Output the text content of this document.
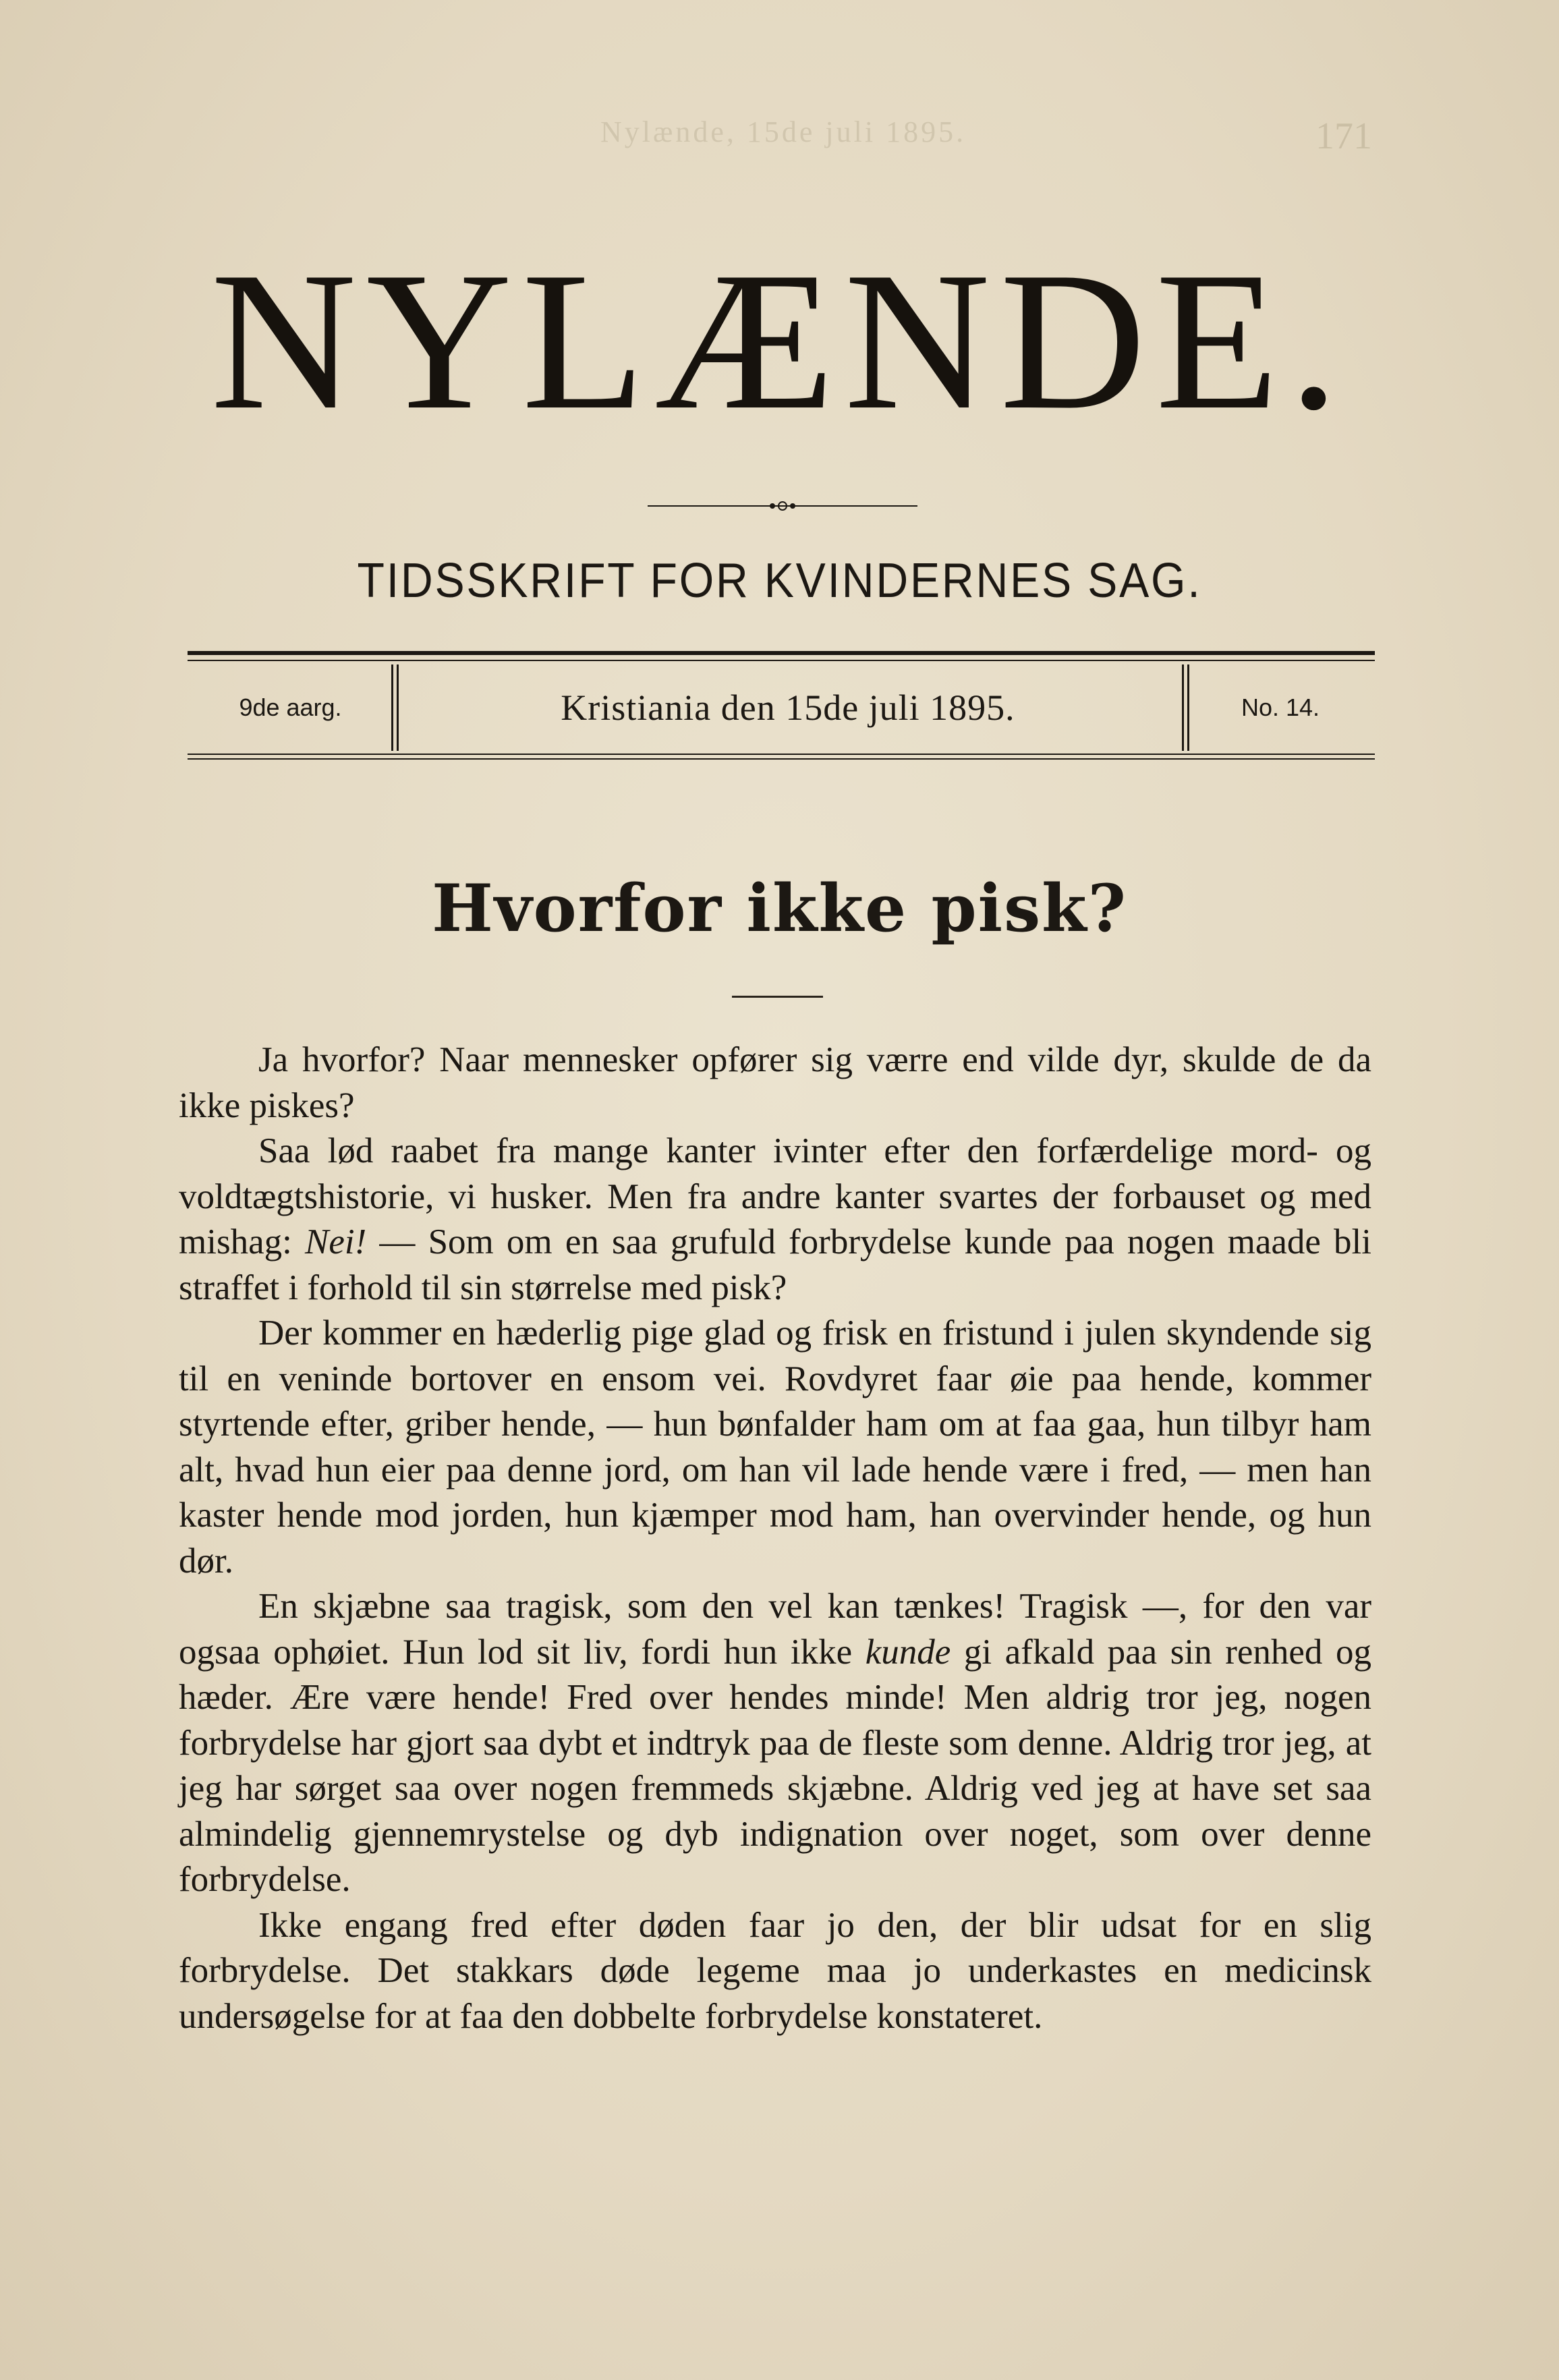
Nylænde, 15de juli 1895.	171
NYLÆNDE.
TIDSSKRIFT FOR KVINDERNES SAG.
9de aarg.	Kristiania den 15de juli 1895.	No. 14.
Hvorfor ikke pisk?

Ja hvorfor? Naar mennesker opfører sig værre end vilde dyr, skulde de da ikke piskes?

Saa lød raabet fra mange kanter ivinter efter den forfærdelige mord- og voldtægtshistorie, vi husker. Men fra andre kanter svartes der forbauset og med mishag: Nei! — Som om en saa grufuld forbrydelse kunde paa nogen maade bli straffet i forhold til sin størrelse med pisk?

Der kommer en hæderlig pige glad og frisk en fristund i julen skyndende sig til en veninde bortover en ensom vei. Rovdyret faar øie paa hende, kommer styrtende efter, griber hende, — hun bønfalder ham om at faa gaa, hun tilbyr ham alt, hvad hun eier paa denne jord, om han vil lade hende være i fred, — men han kaster hende mod jorden, hun kjæmper mod ham, han overvinder hende, og hun dør.

En skjæbne saa tragisk, som den vel kan tænkes! Tragisk —, for den var ogsaa ophøiet. Hun lod sit liv, fordi hun ikke kunde gi afkald paa sin renhed og hæder. Ære være hende! Fred over hendes minde! Men aldrig tror jeg, nogen forbrydelse har gjort saa dybt et indtryk paa de fleste som denne. Aldrig tror jeg, at jeg har sørget saa over nogen fremmeds skjæbne. Aldrig ved jeg at have set saa almindelig gjennemrystelse og dyb indignation over noget, som over denne forbrydelse.

Ikke engang fred efter døden faar jo den, der blir udsat for en slig forbrydelse. Det stakkars døde legeme maa jo underkastes en medicinsk undersøgelse for at faa den dobbelte forbrydelse konstateret.
